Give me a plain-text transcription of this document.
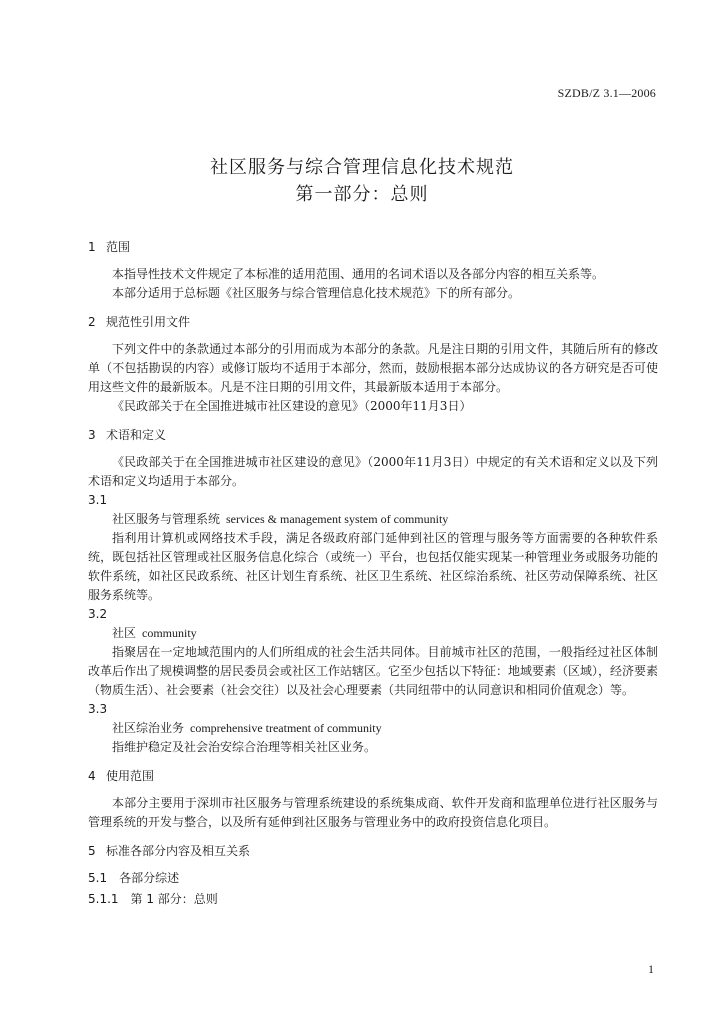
SZDB/Z 3.1—2006
社区服务与综合管理信息化技术规范
第一部分：总则
1 范围

本指导性技术文件规定了本标准的适用范围、通用的名词术语以及各部分内容的相互关系等。

本部分适用于总标题《社区服务与综合管理信息化技术规范》下的所有部分。

2 规范性引用文件

下列文件中的条款通过本部分的引用而成为本部分的条款。凡是注日期的引用文件，其随后所有的修改单（不包括勘误的内容）或修订版均不适用于本部分，然而，鼓励根据本部分达成协议的各方研究是否可使用这些文件的最新版本。凡是不注日期的引用文件，其最新版本适用于本部分。

《民政部关于在全国推进城市社区建设的意见》（2000年11月3日）

3 术语和定义

《民政部关于在全国推进城市社区建设的意见》（2000年11月3日）中规定的有关术语和定义以及下列术语和定义均适用于本部分。

3.1
社区服务与管理系统 services & management system of community

指利用计算机或网络技术手段，满足各级政府部门延伸到社区的管理与服务等方面需要的各种软件系统，既包括社区管理或社区服务信息化综合（或统一）平台，也包括仅能实现某一种管理业务或服务功能的软件系统，如社区民政系统、社区计划生育系统、社区卫生系统、社区综治系统、社区劳动保障系统、社区服务系统等。

3.2
社区 community

指聚居在一定地域范围内的人们所组成的社会生活共同体。目前城市社区的范围，一般指经过社区体制改革后作出了规模调整的居民委员会或社区工作站辖区。它至少包括以下特征：地域要素（区域），经济要素（物质生活）、社会要素（社会交往）以及社会心理要素（共同纽带中的认同意识和相同价值观念）等。

3.3
社区综治业务 comprehensive treatment of community

指维护稳定及社会治安综合治理等相关社区业务。

4 使用范围

本部分主要用于深圳市社区服务与管理系统建设的系统集成商、软件开发商和监理单位进行社区服务与管理系统的开发与整合，以及所有延伸到社区服务与管理业务中的政府投资信息化项目。

5 标准各部分内容及相互关系
5.1 各部分综述
5.1.1 第 1 部分：总则
1
